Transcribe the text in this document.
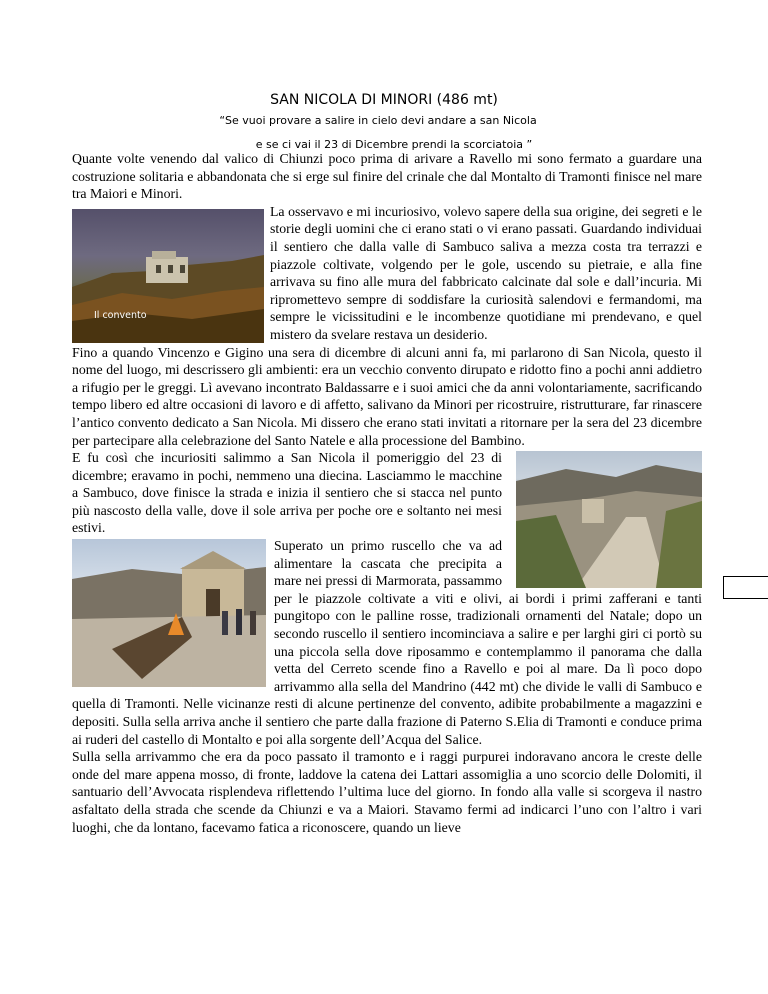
SAN NICOLA DI MINORI (486 mt)
“Se vuoi provare a salire in cielo devi andare a san Nicola
e se ci vai il 23 di Dicembre prendi la scorciatoia ”

Quante volte venendo dal valico di Chiunzi poco prima di arivare a Ravello mi sono fermato a guardare una costruzione solitaria e abbandonata che si erge sul finire del crinale che dal Montalto di Tramonti finisce nel mare tra Maiori e Minori.

Il convento

La osservavo e mi incuriosivo, volevo sapere della sua origine, dei segreti e le storie degli uomini che ci erano stati o vi erano passati. Guardando individuai il sentiero che dalla valle di Sambuco saliva a mezza costa tra terrazzi e piazzole coltivate, volgendo per le gole, uscendo su pietraie, e alla fine arrivava su fino alle mura del fabbricato calcinate dal sole e dall’incuria. Mi ripromettevo sempre di soddisfare la curiosità salendovi e fermandomi, ma sempre le vicissitudini e le incombenze quotidiane mi prendevano, e quel mistero da svelare restava un desiderio.

Fino a quando Vincenzo e Gigino una sera di dicembre di alcuni anni fa, mi parlarono di San Nicola, questo il nome del luogo, mi descrissero gli ambienti: era un vecchio convento dirupato e ridotto fino a pochi anni addietro a rifugio per le greggi. Lì avevano incontrato Baldassarre e i suoi amici che da anni volontariamente, sacrificando tempo libero ed altre occasioni di lavoro e di affetto, salivano da Minori per ricostruire, ristrutturare, far rinascere l’antico convento dedicato a San Nicola. Mi dissero che erano stati invitati a ritornare per la sera del 23 dicembre per partecipare alla celebrazione del Santo Natele e alla processione del Bambino.

E fu così che incuriositi salimmo a San Nicola il pomeriggio del 23 di dicembre; eravamo in pochi, nemmeno una diecina. Lasciammo le macchine a Sambuco, dove finisce la strada e inizia il sentiero che si stacca nel punto più nascosto della valle, dove il sole arriva per poche ore e soltanto nei mesi estivi.

Superato un primo ruscello che va ad alimentare la cascata che precipita a mare nei pressi di Marmorata, passammo per le piazzole coltivate a viti e olivi, ai bordi i primi zafferani e tanti pungitopo con le palline rosse, tradizionali ornamenti del Natale; dopo un secondo ruscello il sentiero incominciava a salire e per larghi giri ci portò su una piccola sella dove riposammo e contemplammo il panorama che dalla vetta del Cerreto scende fino a Ravello e poi al mare. Da lì poco dopo arrivammo alla sella del Mandrino (442 mt) che divide le valli di Sambuco e quella di Tramonti. Nelle vicinanze resti di alcune pertinenze del convento, adibite probabilmente a magazzini e depositi. Sulla sella arriva anche il sentiero che parte dalla frazione di Paterno S.Elia di Tramonti e conduce prima ai ruderi del castello di Montalto e poi alla sorgente dell’Acqua del Salice.

Sulla sella arrivammo che era da poco passato il tramonto e i raggi purpurei indoravano ancora le creste delle onde del mare appena mosso, di fronte, laddove la catena dei Lattari assomiglia a uno scorcio delle Dolomiti, il santuario dell’Avvocata risplendeva riflettendo l’ultima luce del giorno. In fondo alla valle si scorgeva il nastro asfaltato della strada che scende da Chiunzi e va a Maiori. Stavamo fermi ad indicarci l’uno con l’altro i vari luoghi, che da lontano, facevamo fatica a riconoscere, quando un lieve
